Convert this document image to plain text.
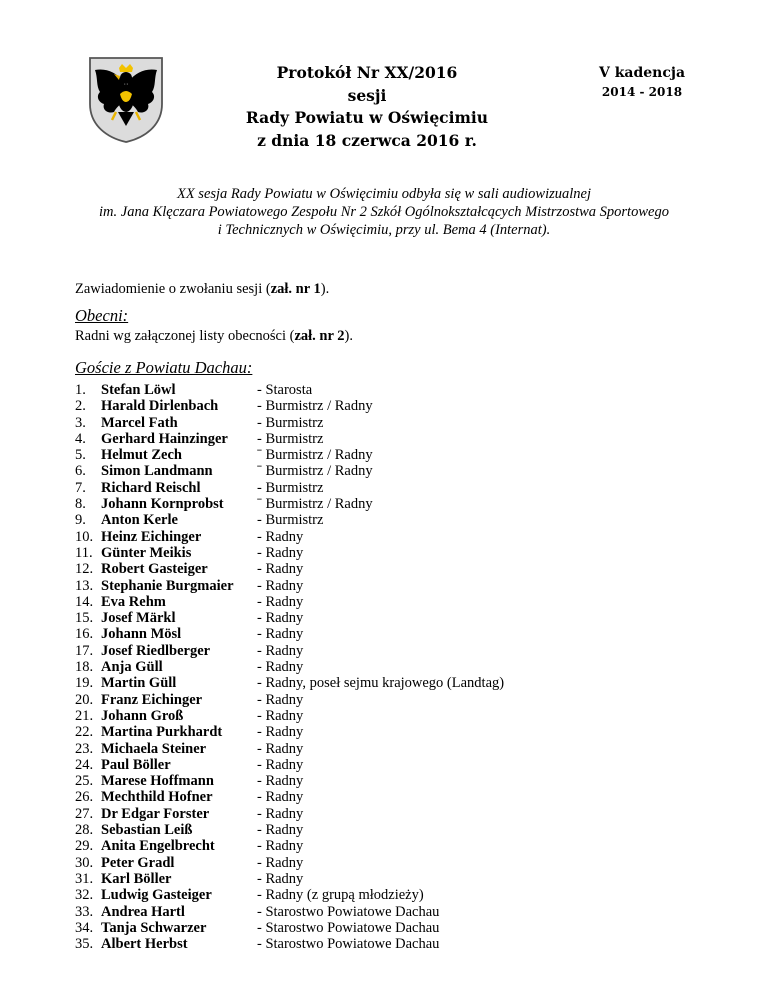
Protokół Nr XX/2016
sesji
Rady Powiatu w Oświęcimiu
z dnia 18 czerwca 2016 r.
V kadencja
2014 - 2018
XX sesja Rady Powiatu w Oświęcimiu odbyła się w sali audiowizualnej
im. Jana Klęczara Powiatowego Zespołu Nr 2 Szkół Ogólnokształcących Mistrzostwa Sportowego
i Technicznych w Oświęcimiu, przy ul. Bema 4 (Internat).
Zawiadomienie o zwołaniu sesji (zał. nr 1).
Obecni:
Radni wg załączonej listy obecności (zał. nr 2).
Goście z Powiatu Dachau:
1. Stefan Löwl	- Starosta
2. Harald Dirlenbach	- Burmistrz / Radny
3. Marcel Fath	- Burmistrz
4. Gerhard Hainzinger - Burmistrz
5. Helmut Zech	ˉ Burmistrz / Radny
6. Simon Landmann	ˉ Burmistrz / Radny
7. Richard Reischl	- Burmistrz
8. Johann Kornprobst ˉ Burmistrz / Radny
9. Anton Kerle	- Burmistrz
10. Heinz Eichinger	- Radny
11. Günter Meikis	- Radny
12. Robert Gasteiger	- Radny
13. Stephanie Burgmaier - Radny
14. Eva Rehm	- Radny
15. Josef Märkl	- Radny
16. Johann Mösl	- Radny
17. Josef Riedlberger	- Radny
18. Anja Güll	- Radny
19. Martin Güll	- Radny, poseł sejmu krajowego (Landtag)
20. Franz Eichinger	- Radny
21. Johann Groß	- Radny
22. Martina Purkhardt - Radny
23. Michaela Steiner	- Radny
24. Paul Böller	- Radny
25. Marese Hoffmann	- Radny
26. Mechthild Hofner	- Radny
27. Dr Edgar Forster	- Radny
28. Sebastian Leiß	- Radny
29. Anita Engelbrecht	- Radny
30. Peter Gradl	- Radny
31. Karl Böller	- Radny
32. Ludwig Gasteiger	- Radny (z grupą młodzieży)
33. Andrea Hartl	- Starostwo Powiatowe Dachau
34. Tanja Schwarzer	- Starostwo Powiatowe Dachau
35. Albert Herbst	- Starostwo Powiatowe Dachau
